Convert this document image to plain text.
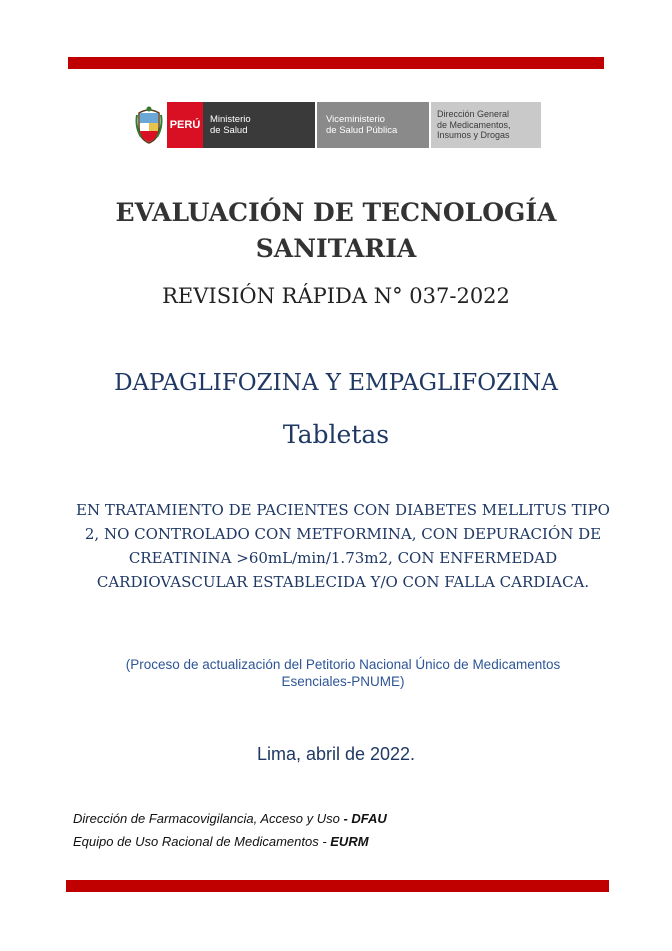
PERÚ Ministerio
de Salud
Viceministerio
de Salud Pública
Dirección General
de Medicamentos,
Insumos y Drogas
EVALUACIÓN DE TECNOLOGÍA
SANITARIA
REVISIÓN RÁPIDA N° 037-2022
DAPAGLIFOZINA Y EMPAGLIFOZINA
Tabletas
EN TRATAMIENTO DE PACIENTES CON DIABETES MELLITUS TIPO 2, NO CONTROLADO CON METFORMINA, CON DEPURACIÓN DE CREATININA >60mL/min/1.73m2, CON ENFERMEDAD CARDIOVASCULAR ESTABLECIDA Y/O CON FALLA CARDIACA.
(Proceso de actualización del Petitorio Nacional Único de Medicamentos
Esenciales-PNUME)
Lima, abril de 2022.
Dirección de Farmacovigilancia, Acceso y Uso - DFAU
Equipo de Uso Racional de Medicamentos - EURM
